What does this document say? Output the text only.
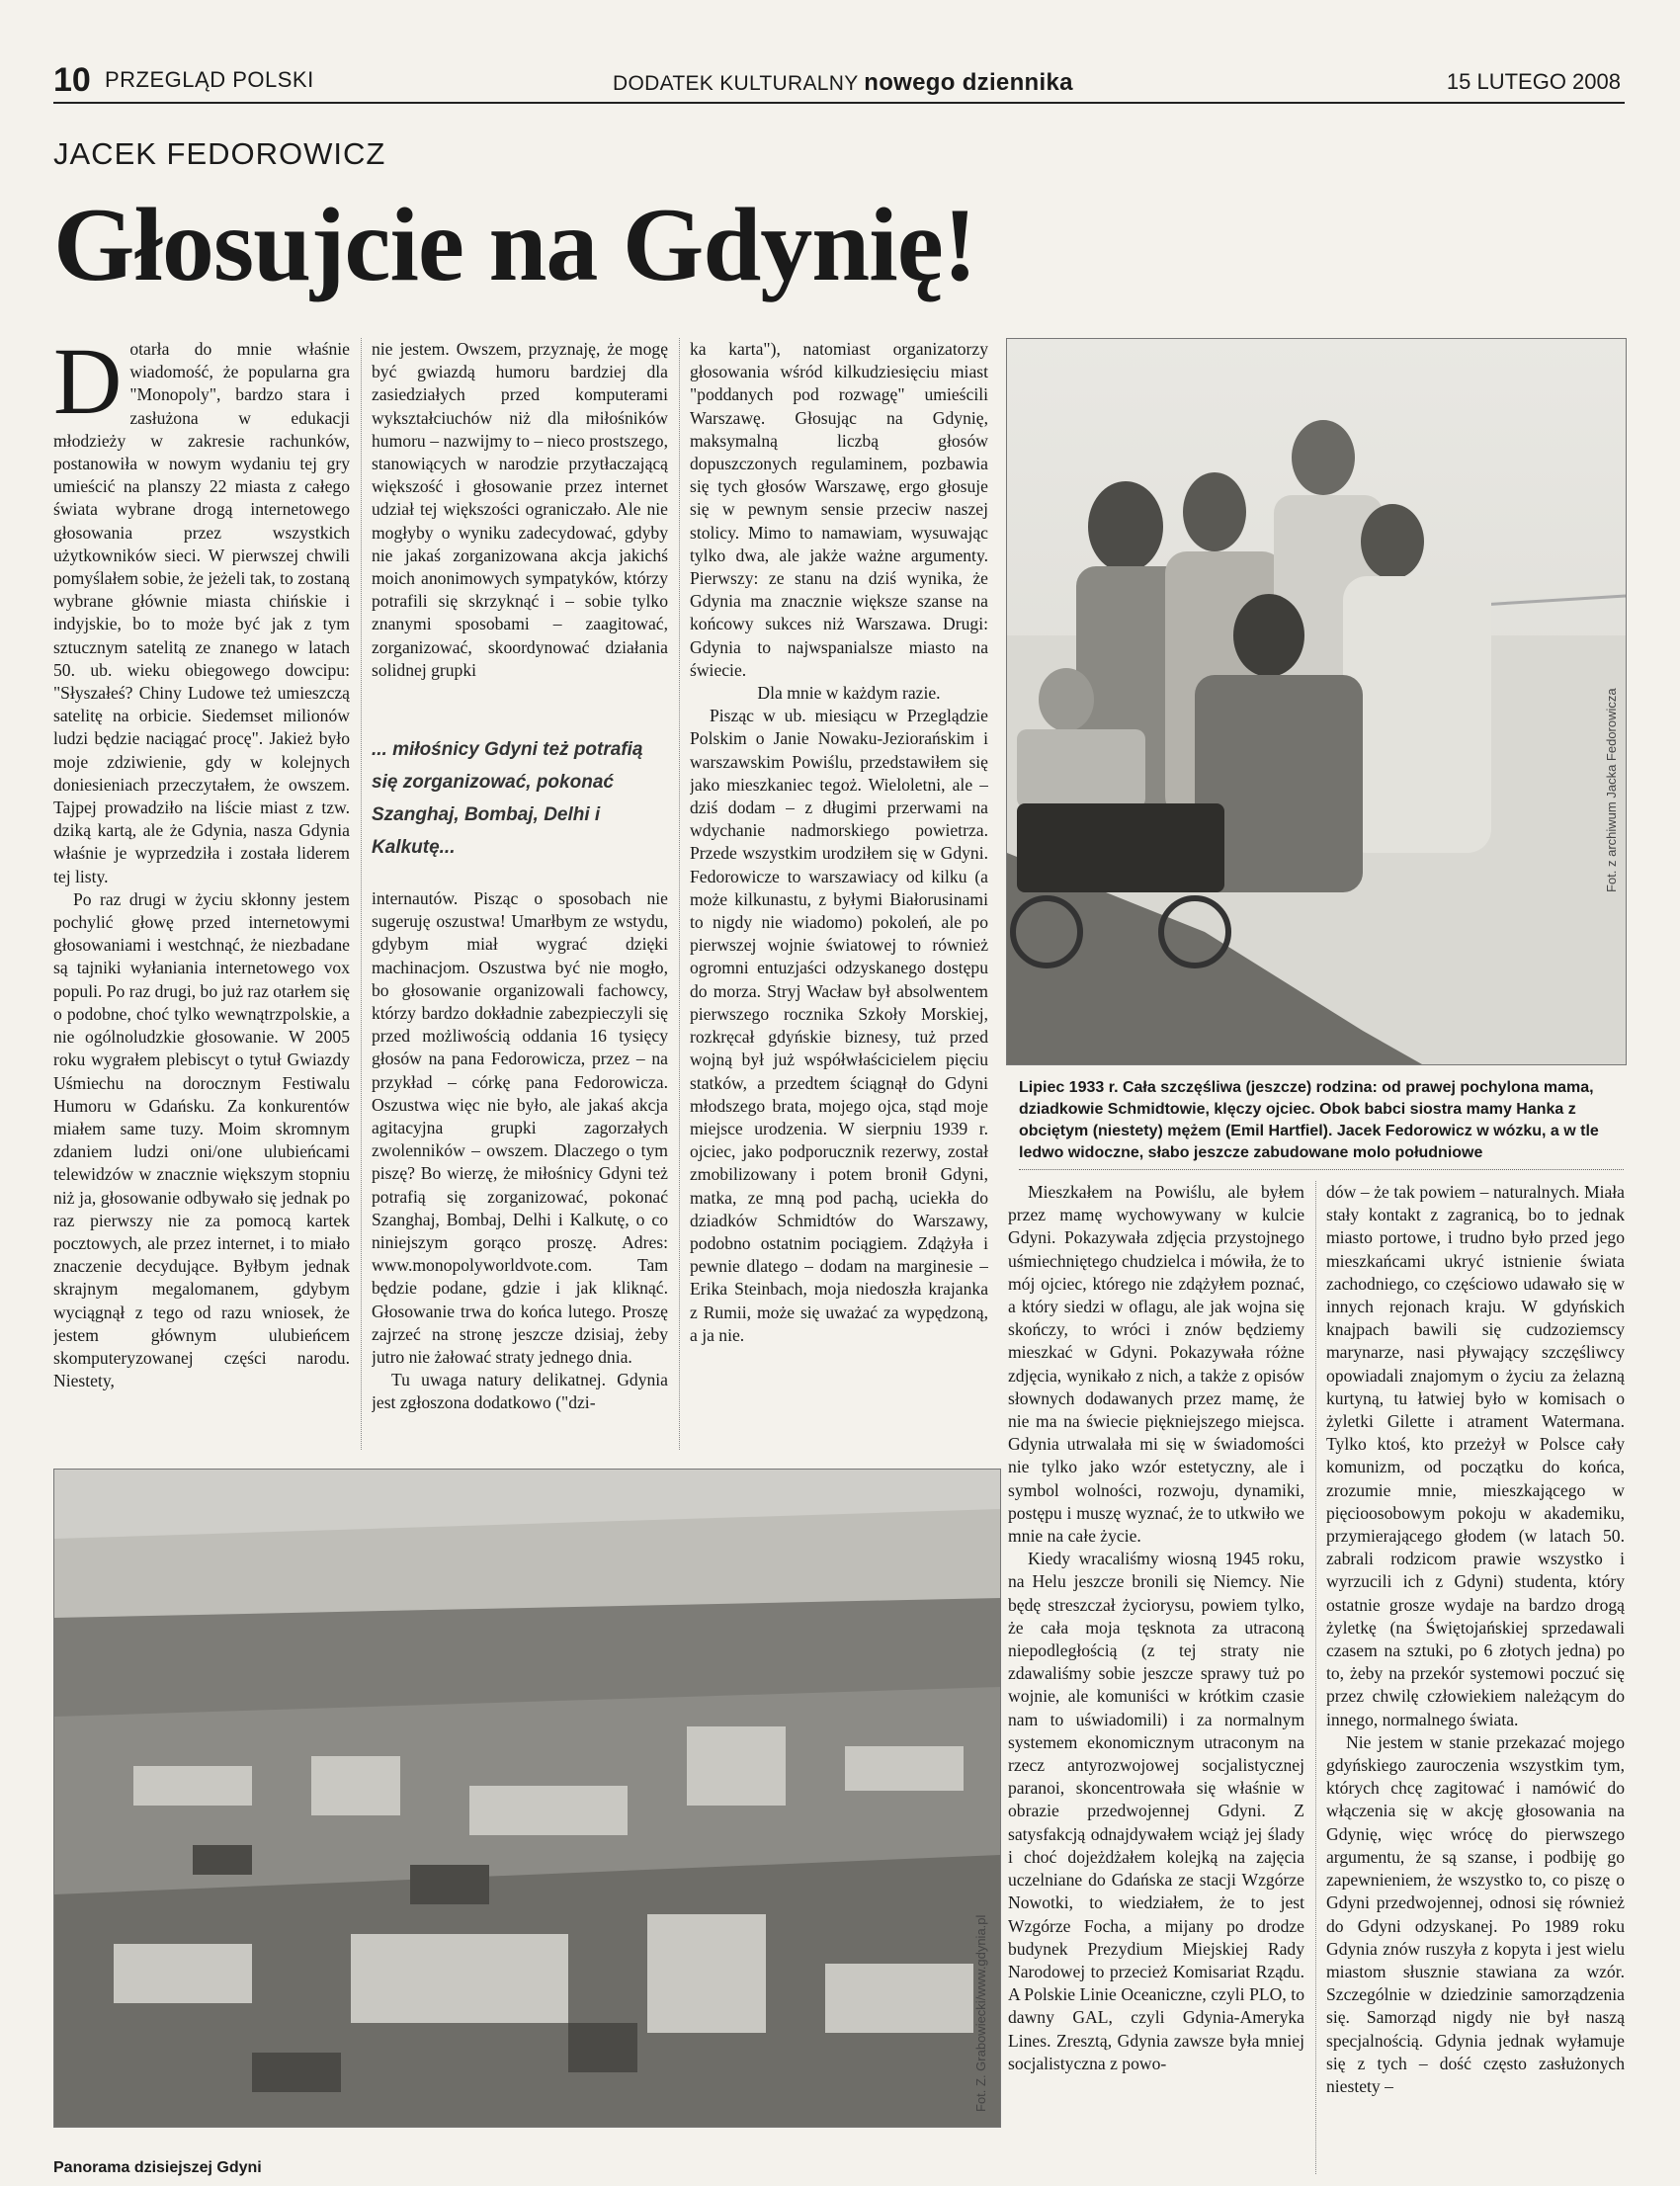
10 PRZEGLĄD POLSKI	DODATEK KULTURALNY nowego dziennika	15 LUTEGO 2008
JACEK FEDOROWICZ
Głosujcie na Gdynię!

Dotarła do mnie właśnie wiadomość, że popularna gra "Monopoly", bardzo stara i zasłużona w edukacji młodzieży w zakresie rachunków, postanowiła w nowym wydaniu tej gry umieścić na planszy 22 miasta z całego świata wybrane drogą internetowego głosowania przez wszystkich użytkowników sieci. W pierwszej chwili pomyślałem sobie, że jeżeli tak, to zostaną wybrane głównie miasta chińskie i indyjskie, bo to może być jak z tym sztucznym satelitą ze znanego w latach 50. ub. wieku obiegowego dowcipu: "Słyszałeś? Chiny Ludowe też umieszczą satelitę na orbicie. Siedemset milionów ludzi będzie naciągać procę". Jakież było moje zdziwienie, gdy w kolejnych doniesieniach przeczytałem, że owszem. Tajpej prowadziło na liście miast z tzw. dziką kartą, ale że Gdynia, nasza Gdynia właśnie je wyprzedziła i została liderem tej listy.

Po raz drugi w życiu skłonny jestem pochylić głowę przed internetowymi głosowaniami i westchnąć, że niezbadane są tajniki wyłaniania internetowego vox populi. Po raz drugi, bo już raz otarłem się o podobne, choć tylko wewnątrzpolskie, a nie ogólnoludzkie głosowanie. W 2005 roku wygrałem plebiscyt o tytuł Gwiazdy Uśmiechu na dorocznym Festiwalu Humoru w Gdańsku. Za konkurentów miałem same tuzy. Moim skromnym zdaniem ludzi oni/one ulubieńcami telewidzów w znacznie większym stopniu niż ja, głosowanie odbywało się jednak po raz pierwszy nie za pomocą kartek pocztowych, ale przez internet, i to miało znaczenie decydujące. Byłbym jednak skrajnym megalomanem, gdybym wyciągnął z tego od razu wniosek, że jestem głównym ulubieńcem skomputeryzowanej części narodu. Niestety,

nie jestem. Owszem, przyznaję, że mogę być gwiazdą humoru bardziej dla zasiedziałych przed komputerami wykształciuchów niż dla miłośników humoru – nazwijmy to – nieco prostszego, stanowiących w narodzie przytłaczającą większość i głosowanie przez internet udział tej większości ograniczało. Ale nie mogłyby o wyniku zadecydować, gdyby nie jakaś zorganizowana akcja jakichś moich anonimowych sympatyków, którzy potrafili się skrzyknąć i – sobie tylko znanymi sposobami – zaagitować, zorganizować, skoordynować działania solidnej grupki

... miłośnicy Gdyni też potrafią się zorganizować, pokonać Szanghaj, Bombaj, Delhi i Kalkutę...

internautów. Pisząc o sposobach nie sugeruję oszustwa! Umarłbym ze wstydu, gdybym miał wygrać dzięki machinacjom. Oszustwa być nie mogło, bo głosowanie organizowali fachowcy, którzy bardzo dokładnie zabezpieczyli się przed możliwością oddania 16 tysięcy głosów na pana Fedorowicza, przez – na przykład – córkę pana Fedorowicza. Oszustwa więc nie było, ale jakaś akcja agitacyjna grupki zagorzałych zwolenników – owszem. Dlaczego o tym piszę? Bo wierzę, że miłośnicy Gdyni też potrafią się zorganizować, pokonać Szanghaj, Bombaj, Delhi i Kalkutę, o co niniejszym gorąco proszę. Adres: www.monopolyworldvote.com. Tam będzie podane, gdzie i jak kliknąć. Głosowanie trwa do końca lutego. Proszę zajrzeć na stronę jeszcze dzisiaj, żeby jutro nie żałować straty jednego dnia.

Tu uwaga natury delikatnej. Gdynia jest zgłoszona dodatkowo ("dzi-

ka karta"), natomiast organizatorzy głosowania wśród kilkudziesięciu miast "poddanych pod rozwagę" umieścili Warszawę. Głosując na Gdynię, maksymalną liczbą głosów dopuszczonych regulaminem, pozbawia się tych głosów Warszawę, ergo głosuje się w pewnym sensie przeciw naszej stolicy. Mimo to namawiam, wysuwając tylko dwa, ale jakże ważne argumenty. Pierwszy: ze stanu na dziś wynika, że Gdynia ma znacznie większe szanse na końcowy sukces niż Warszawa. Drugi: Gdynia to najwspanialsze miasto na świecie.

Dla mnie w każdym razie.

Pisząc w ub. miesiącu w Przeglądzie Polskim o Janie Nowaku-Jeziorańskim i warszawskim Powiślu, przedstawiłem się jako mieszkaniec tegoż. Wieloletni, ale – dziś dodam – z długimi przerwami na wdychanie nadmorskiego powietrza. Przede wszystkim urodziłem się w Gdyni. Fedorowicze to warszawiacy od kilku (a może kilkunastu, z byłymi Białorusinami to nigdy nie wiadomo) pokoleń, ale po pierwszej wojnie światowej to również ogromni entuzjaści odzyskanego dostępu do morza. Stryj Wacław był absolwentem pierwszego rocznika Szkoły Morskiej, rozkręcał gdyńskie biznesy, tuż przed wojną był już współwłaścicielem pięciu statków, a przedtem ściągnął do Gdyni młodszego brata, mojego ojca, stąd moje miejsce urodzenia. W sierpniu 1939 r. ojciec, jako podporucznik rezerwy, został zmobilizowany i potem bronił Gdyni, matka, ze mną pod pachą, uciekła do dziadków Schmidtów do Warszawy, podobno ostatnim pociągiem. Zdążyła i pewnie dlatego – dodam na marginesie – Erika Steinbach, moja niedoszła krajanka z Rumii, może się uważać za wypędzoną, a ja nie.

Fot. z archiwum Jacka Fedorowicza
Lipiec 1933 r. Cała szczęśliwa (jeszcze) rodzina: od prawej pochylona mama, dziadkowie Schmidtowie, klęczy ojciec. Obok babci siostra mamy Hanka z obciętym (niestety) mężem (Emil Hartfiel). Jacek Fedorowicz w wózku, a w tle ledwo widoczne, słabo jeszcze zabudowane molo południowe

Mieszkałem na Powiślu, ale byłem przez mamę wychowywany w kulcie Gdyni. Pokazywała zdjęcia przystojnego uśmiechniętego chudzielca i mówiła, że to mój ojciec, którego nie zdążyłem poznać, a który siedzi w oflagu, ale jak wojna się skończy, to wróci i znów będziemy mieszkać w Gdyni. Pokazywała różne zdjęcia, wynikało z nich, a także z opisów słownych dodawanych przez mamę, że nie ma na świecie piękniejszego miejsca. Gdynia utrwalała mi się w świadomości nie tylko jako wzór estetyczny, ale i symbol wolności, rozwoju, dynamiki, postępu i muszę wyznać, że to utkwiło we mnie na całe życie.

Kiedy wracaliśmy wiosną 1945 roku, na Helu jeszcze bronili się Niemcy. Nie będę streszczał życiorysu, powiem tylko, że cała moja tęsknota za utraconą niepodległością (z tej straty nie zdawaliśmy sobie jeszcze sprawy tuż po wojnie, ale komuniści w krótkim czasie nam to uświadomili) i za normalnym systemem ekonomicznym utraconym na rzecz antyrozwojowej socjalistycznej paranoi, skoncentrowała się właśnie w obrazie przedwojennej Gdyni. Z satysfakcją odnajdywałem wciąż jej ślady i choć dojeżdżałem kolejką na zajęcia uczelniane do Gdańska ze stacji Wzgórze Nowotki, to wiedziałem, że to jest Wzgórze Focha, a mijany po drodze budynek Prezydium Miejskiej Rady Narodowej to przecież Komisariat Rządu. A Polskie Linie Oceaniczne, czyli PLO, to dawny GAL, czyli Gdynia-Ameryka Lines. Zresztą, Gdynia zawsze była mniej socjalistyczna z powo-

dów – że tak powiem – naturalnych. Miała stały kontakt z zagranicą, bo to jednak miasto portowe, i trudno było przed jego mieszkańcami ukryć istnienie świata zachodniego, co częściowo udawało się w innych rejonach kraju. W gdyńskich knajpach bawili się cudzoziemscy marynarze, nasi pływający szczęśliwcy opowiadali znajomym o życiu za żelazną kurtyną, tu łatwiej było w komisach o żyletki Gilette i atrament Watermana. Tylko ktoś, kto przeżył w Polsce cały komunizm, od początku do końca, zrozumie mnie, mieszkającego w pięcioosobowym pokoju w akademiku, przymierającego głodem (w latach 50. zabrali rodzicom prawie wszystko i wyrzucili ich z Gdyni) studenta, który ostatnie grosze wydaje na bardzo drogą żyletkę (na Świętojańskiej sprzedawali czasem na sztuki, po 6 złotych jedna) po to, żeby na przekór systemowi poczuć się przez chwilę człowiekiem należącym do innego, normalnego świata.

Nie jestem w stanie przekazać mojego gdyńskiego zauroczenia wszystkim tym, których chcę zagitować i namówić do włączenia się w akcję głosowania na Gdynię, więc wrócę do pierwszego argumentu, że są szanse, i podbiję go zapewnieniem, że wszystko to, co piszę o Gdyni przedwojennej, odnosi się również do Gdyni odzyskanej. Po 1989 roku Gdynia znów ruszyła z kopyta i jest wielu miastom słusznie stawiana za wzór. Szczególnie w dziedzinie samorządzenia się. Samorząd nigdy nie był naszą specjalnością. Gdynia jednak wyłamuje się z tych – dość często zasłużonych niestety –

Fot. Z. Grabowiecki/www.gdynia.pl
Panorama dzisiejszej Gdyni
